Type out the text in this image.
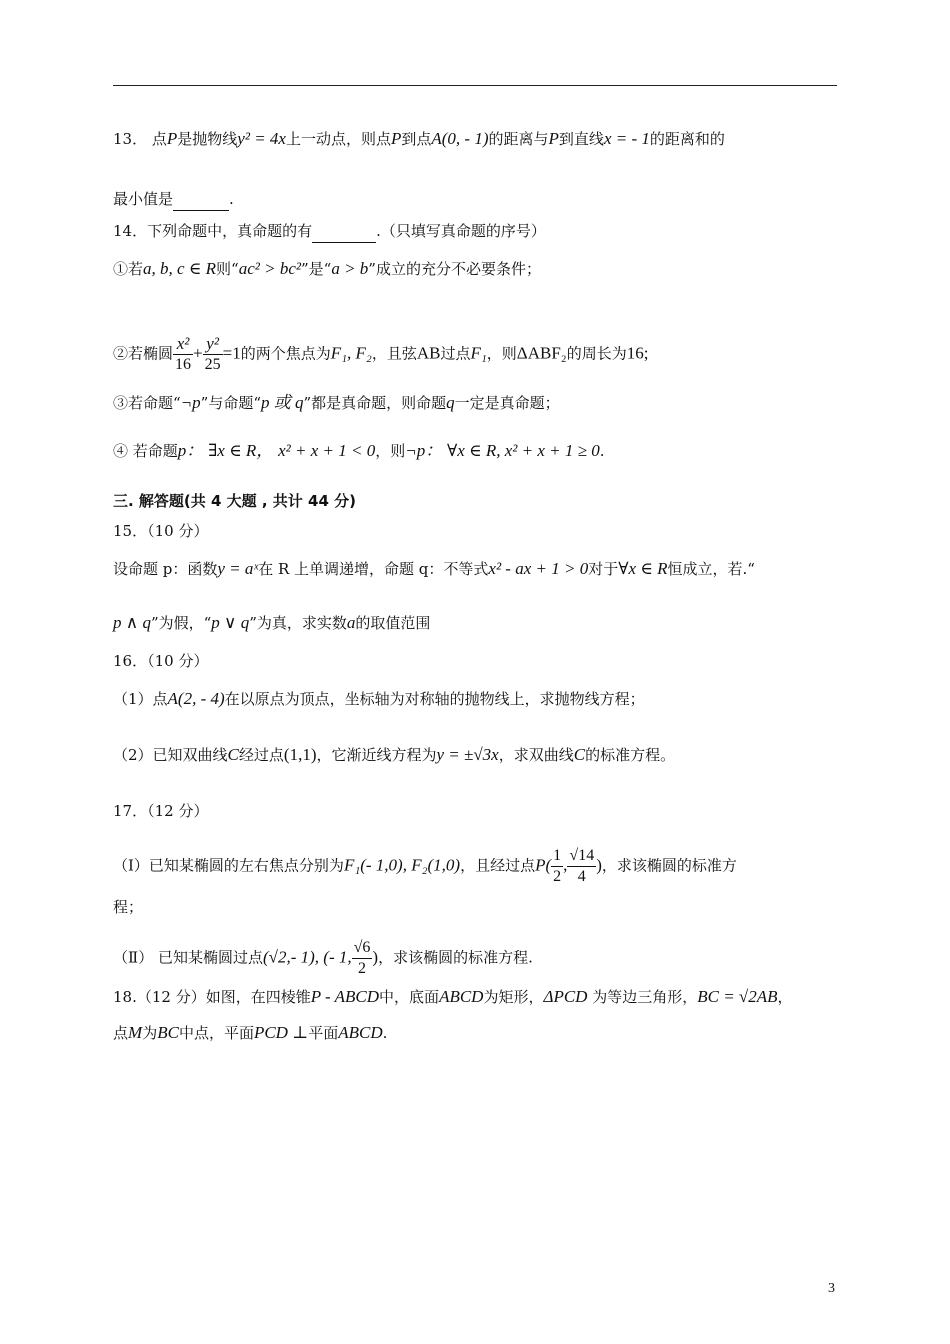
13． 点P是抛物线y² = 4x上一动点，则点P到点A(0, - 1)的距离与P到直线x = - 1的距离和的
最小值是	.
14．下列命题中，真命题的有	.（只填写真命题的序号）
①若a, b, c ∈ R则“ac² > bc²”是“a > b”成立的充分不必要条件；
②若椭圆 $\frac{\text{x²}}{16} + \frac{\text{y²}}{25} =1$的两个焦点为F₁, F₂，且弦AB过点F₁，则ΔABF₂的周长为16;
③若命题“¬p”与命题“p 或 q”都是真命题，则命题q一定是真命题；
④ 若命题p： ∃x ∈ R， x² + x + 1 < 0，则¬p： ∀x ∈ R, x² + x + 1 ≥ 0.
三. 解答题(共 4 大题 , 共计 44 分)
15．（10 分）
设命题 p：函数y = aˣ在 R 上单调递增，命题 q：不等式x² - ax + 1 > 0对于∀x ∈ R恒成立，若.“
p ∧ q”为假，“p ∨ q”为真，求实数a的取值范围
16．（10 分）
（1）点A(2, - 4)在以原点为顶点，坐标轴为对称轴的抛物线上，求抛物线方程；
（2）已知双曲线C经过点(1,1)，它渐近线方程为y = ±√3x，求双曲线C的标准方程。
17．（12 分）
（Ⅰ）已知某椭圆的左右焦点分别为F₁(- 1,0), F₂(1,0)，且经过点$P( \frac{1}{2}$ , $\frac{√14}{4}$ )，求该椭圆的标准方
程；
（Ⅱ） 已知某椭圆过点(√2,- 1), (- 1, $\frac{√6}{2}$ )，求该椭圆的标准方程.
18.（12 分）如图，在四棱锥P - ABCD中，底面ABCD为矩形，ΔPCD 为等边三角形，BC = √2AB，
点M为BC中点，平面PCD ⊥平面ABCD.
3
